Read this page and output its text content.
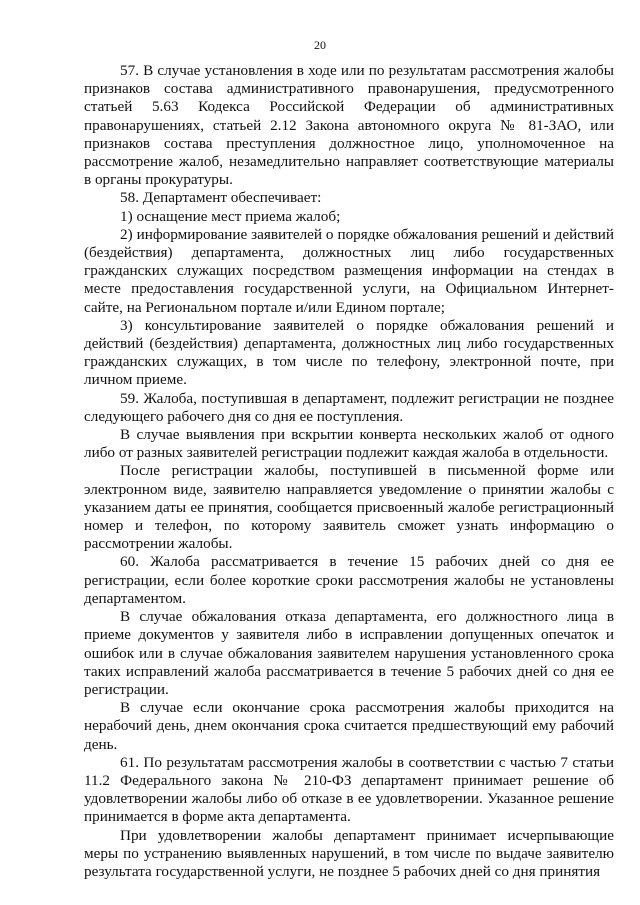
20

57. В случае установления в ходе или по результатам рассмотрения жалобы признаков состава административного правонарушения, предусмотренного статьей 5.63 Кодекса Российской Федерации об административных правонарушениях, статьей 2.12 Закона автономного округа № 81-ЗАО, или признаков состава преступления должностное лицо, уполномоченное на рассмотрение жалоб, незамедлительно направляет соответствующие материалы в органы прокуратуры.

58. Департамент обеспечивает:

1) оснащение мест приема жалоб;

2) информирование заявителей о порядке обжалования решений и действий (бездействия) департамента, должностных лиц либо государственных гражданских служащих посредством размещения информации на стендах в месте предоставления государственной услуги, на Официальном Интернет-сайте, на Региональном портале и/или Едином портале;

3) консультирование заявителей о порядке обжалования решений и действий (бездействия) департамента, должностных лиц либо государственных гражданских служащих, в том числе по телефону, электронной почте, при личном приеме.

59. Жалоба, поступившая в департамент, подлежит регистрации не позднее следующего рабочего дня со дня ее поступления.

В случае выявления при вскрытии конверта нескольких жалоб от одного либо от разных заявителей регистрации подлежит каждая жалоба в отдельности.

После регистрации жалобы, поступившей в письменной форме или электронном виде, заявителю направляется уведомление о принятии жалобы с указанием даты ее принятия, сообщается присвоенный жалобе регистрационный номер и телефон, по которому заявитель сможет узнать информацию о рассмотрении жалобы.

60. Жалоба рассматривается в течение 15 рабочих дней со дня ее регистрации, если более короткие сроки рассмотрения жалобы не установлены департаментом.

В случае обжалования отказа департамента, его должностного лица в приеме документов у заявителя либо в исправлении допущенных опечаток и ошибок или в случае обжалования заявителем нарушения установленного срока таких исправлений жалоба рассматривается в течение 5 рабочих дней со дня ее регистрации.

В случае если окончание срока рассмотрения жалобы приходится на нерабочий день, днем окончания срока считается предшествующий ему рабочий день.

61. По результатам рассмотрения жалобы в соответствии с частью 7 статьи 11.2 Федерального закона № 210-ФЗ департамент принимает решение об удовлетворении жалобы либо об отказе в ее удовлетворении. Указанное решение принимается в форме акта департамента.

При удовлетворении жалобы департамент принимает исчерпывающие меры по устранению выявленных нарушений, в том числе по выдаче заявителю результата государственной услуги, не позднее 5 рабочих дней со дня принятия
